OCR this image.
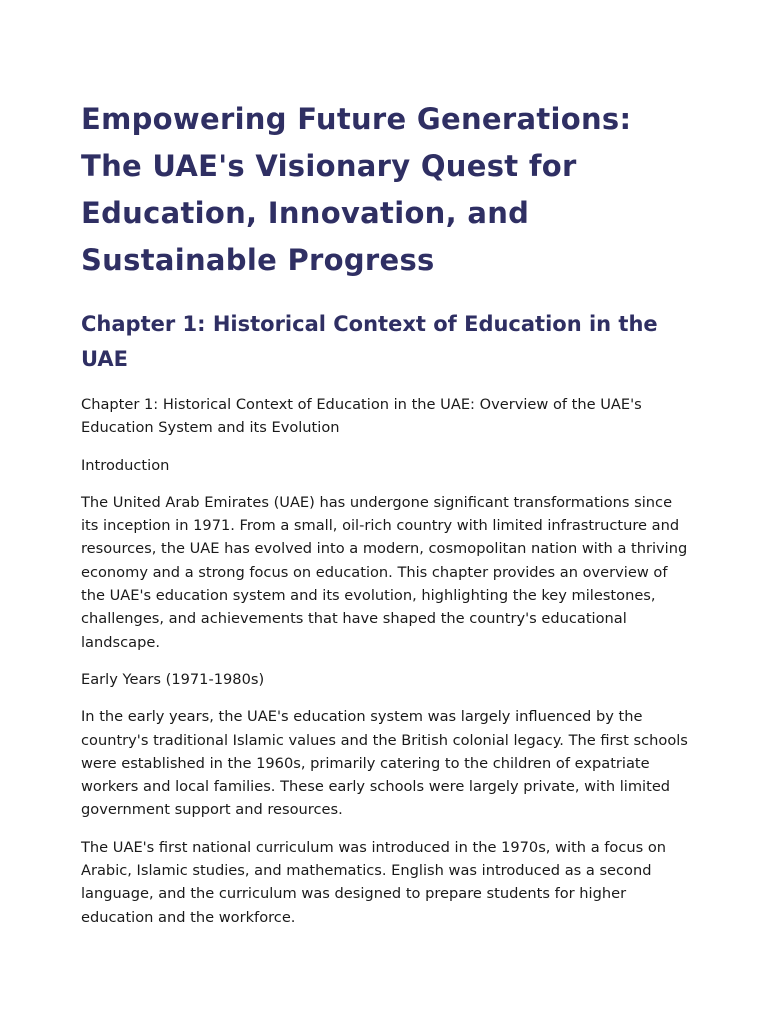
Empowering Future Generations: The UAE's Visionary Quest for Education, Innovation, and Sustainable Progress
Chapter 1: Historical Context of Education in the UAE

Chapter 1: Historical Context of Education in the UAE: Overview of the UAE's Education System and its Evolution

Introduction

The United Arab Emirates (UAE) has undergone significant transformations since its inception in 1971. From a small, oil-rich country with limited infrastructure and resources, the UAE has evolved into a modern, cosmopolitan nation with a thriving economy and a strong focus on education. This chapter provides an overview of the UAE's education system and its evolution, highlighting the key milestones, challenges, and achievements that have shaped the country's educational landscape.

Early Years (1971-1980s)

In the early years, the UAE's education system was largely influenced by the country's traditional Islamic values and the British colonial legacy. The first schools were established in the 1960s, primarily catering to the children of expatriate workers and local families. These early schools were largely private, with limited government support and resources.

The UAE's first national curriculum was introduced in the 1970s, with a focus on Arabic, Islamic studies, and mathematics. English was introduced as a second language, and the curriculum was designed to prepare students for higher education and the workforce.
